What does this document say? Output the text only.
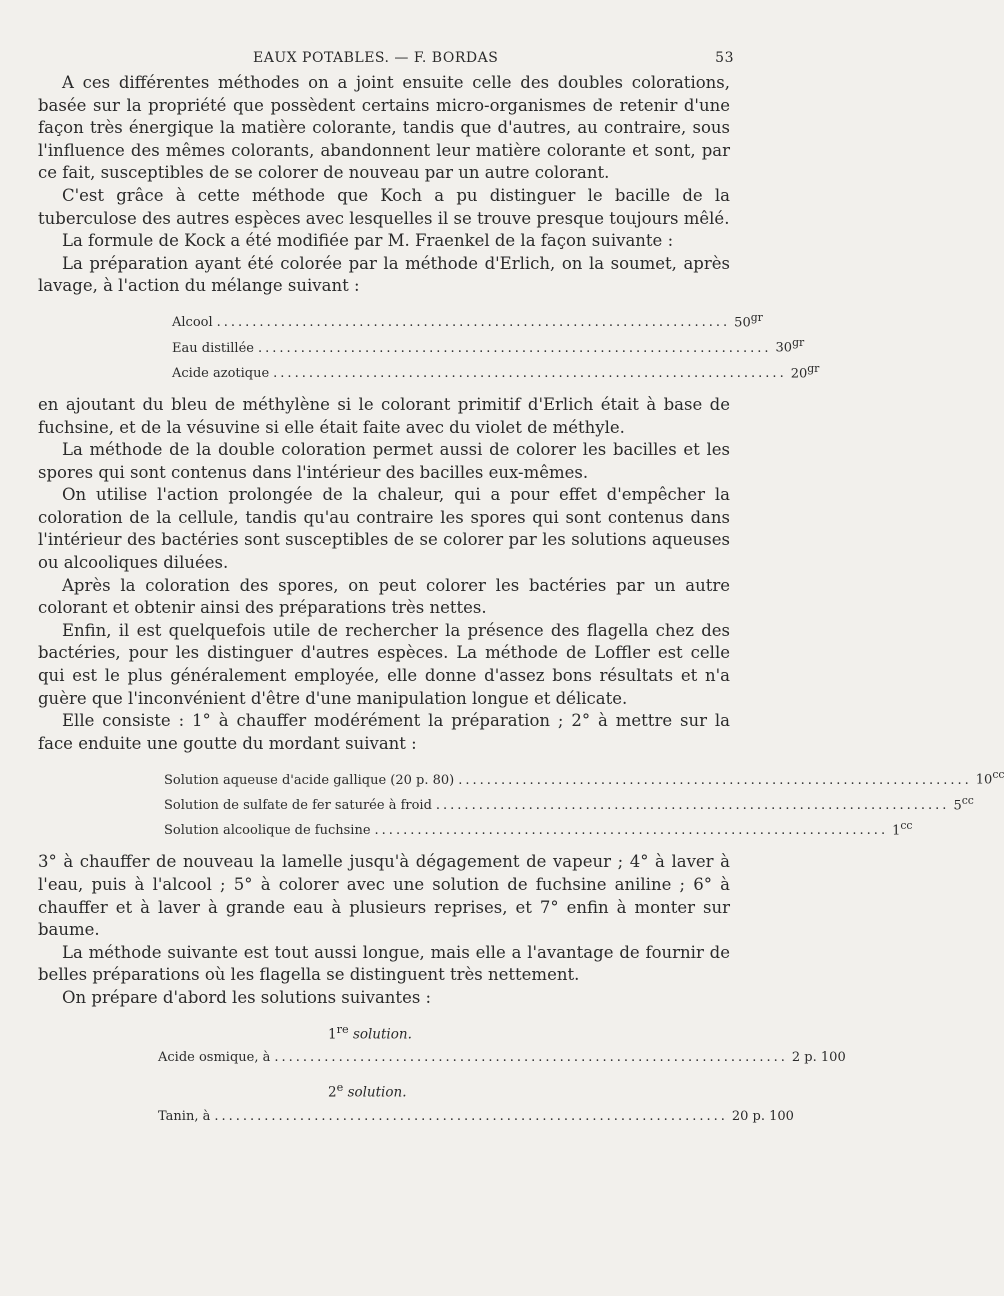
EAUX POTABLES. — F. BORDAS	53

A ces différentes méthodes on a joint ensuite celle des doubles colorations, basée sur la propriété que possèdent certains micro-organismes de retenir d'une façon très énergique la matière colorante, tandis que d'autres, au contraire, sous l'influence des mêmes colorants, abandonnent leur matière colorante et sont, par ce fait, susceptibles de se colorer de nouveau par un autre colorant.

C'est grâce à cette méthode que Koch a pu distinguer le bacille de la tuberculose des autres espèces avec lesquelles il se trouve presque toujours mêlé.

La formule de Kock a été modifiée par M. Fraenkel de la façon suivante :

La préparation ayant été colorée par la méthode d'Erlich, on la soumet, après lavage, à l'action du mélange suivant :

Alcool ........................................................................ $50^{gr}$
Eau distillée ........................................................................ $30^{gr}$
Acide azotique ........................................................................ $20^{gr}$

en ajoutant du bleu de méthylène si le colorant primitif d'Erlich était à base de fuchsine, et de la vésuvine si elle était faite avec du violet de méthyle.

La méthode de la double coloration permet aussi de colorer les bacilles et les spores qui sont contenus dans l'intérieur des bacilles eux-mêmes.

On utilise l'action prolongée de la chaleur, qui a pour effet d'empêcher la coloration de la cellule, tandis qu'au contraire les spores qui sont contenus dans l'intérieur des bactéries sont susceptibles de se colorer par les solutions aqueuses ou alcooliques diluées.

Après la coloration des spores, on peut colorer les bactéries par un autre colorant et obtenir ainsi des préparations très nettes.

Enfin, il est quelquefois utile de rechercher la présence des flagella chez des bactéries, pour les distinguer d'autres espèces. La méthode de Loffler est celle qui est le plus généralement employée, elle donne d'assez bons résultats et n'a guère que l'inconvénient d'être d'une manipulation longue et délicate.

Elle consiste : 1° à chauffer modérément la préparation ; 2° à mettre sur la face enduite une goutte du mordant suivant :

Solution aqueuse d'acide gallique (20 p. 80) ........................................................................ $10^{cc}$
Solution de sulfate de fer saturée à froid ........................................................................ $5^{cc}$
Solution alcoolique de fuchsine ........................................................................ $1^{cc}$

3° à chauffer de nouveau la lamelle jusqu'à dégagement de vapeur ; 4° à laver à l'eau, puis à l'alcool ; 5° à colorer avec une solution de fuchsine aniline ; 6° à chauffer et à laver à grande eau à plusieurs reprises, et 7° enfin à monter sur baume.

La méthode suivante est tout aussi longue, mais elle a l'avantage de fournir de belles préparations où les flagella se distinguent très nettement.

On prépare d'abord les solutions suivantes :

1re solution.
Acide osmique, à ........................................................................ 2 p. 100
2e solution.
Tanin, à ........................................................................ 20 p. 100
